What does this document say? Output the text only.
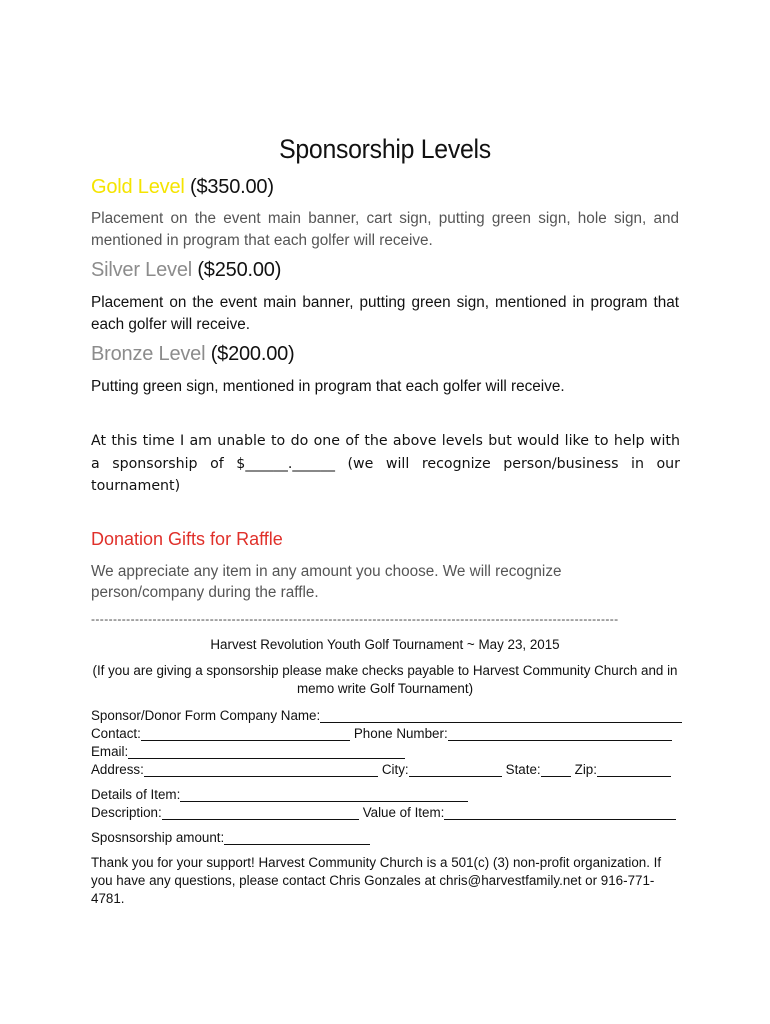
Sponsorship Levels
Gold Level ($350.00)
Placement on the event main banner, cart sign, putting green sign, hole sign, and mentioned in program that each golfer will receive.
Silver Level ($250.00)
Placement on the event main banner, putting green sign, mentioned in program that each golfer will receive.
Bronze Level ($200.00)
Putting green sign, mentioned in program that each golfer will receive.
At this time I am unable to do one of the above levels but would like to help with
a sponsorship of $______.______ (we will recognize person/business in our
tournament)
Donation Gifts for Raffle
We appreciate any item in any amount you choose. We will recognize person/company during the raffle.
------------------------------------------------------------------------------------------------------------------------
Harvest Revolution Youth Golf Tournament ~ May 23, 2015
(If you are giving a sponsorship please make checks payable to Harvest Community Church and in memo write Golf Tournament)
Sponsor/Donor Form Company Name:
Contact:	Phone Number:
Email:
Address:	City:	State:	Zip:
Details of Item:
Description:	Value of Item:
Sposnsorship amount:
Thank you for your support! Harvest Community Church is a 501(c) (3) non-profit organization. If you have any questions, please contact Chris Gonzales at chris@harvestfamily.net or 916-771-4781.
